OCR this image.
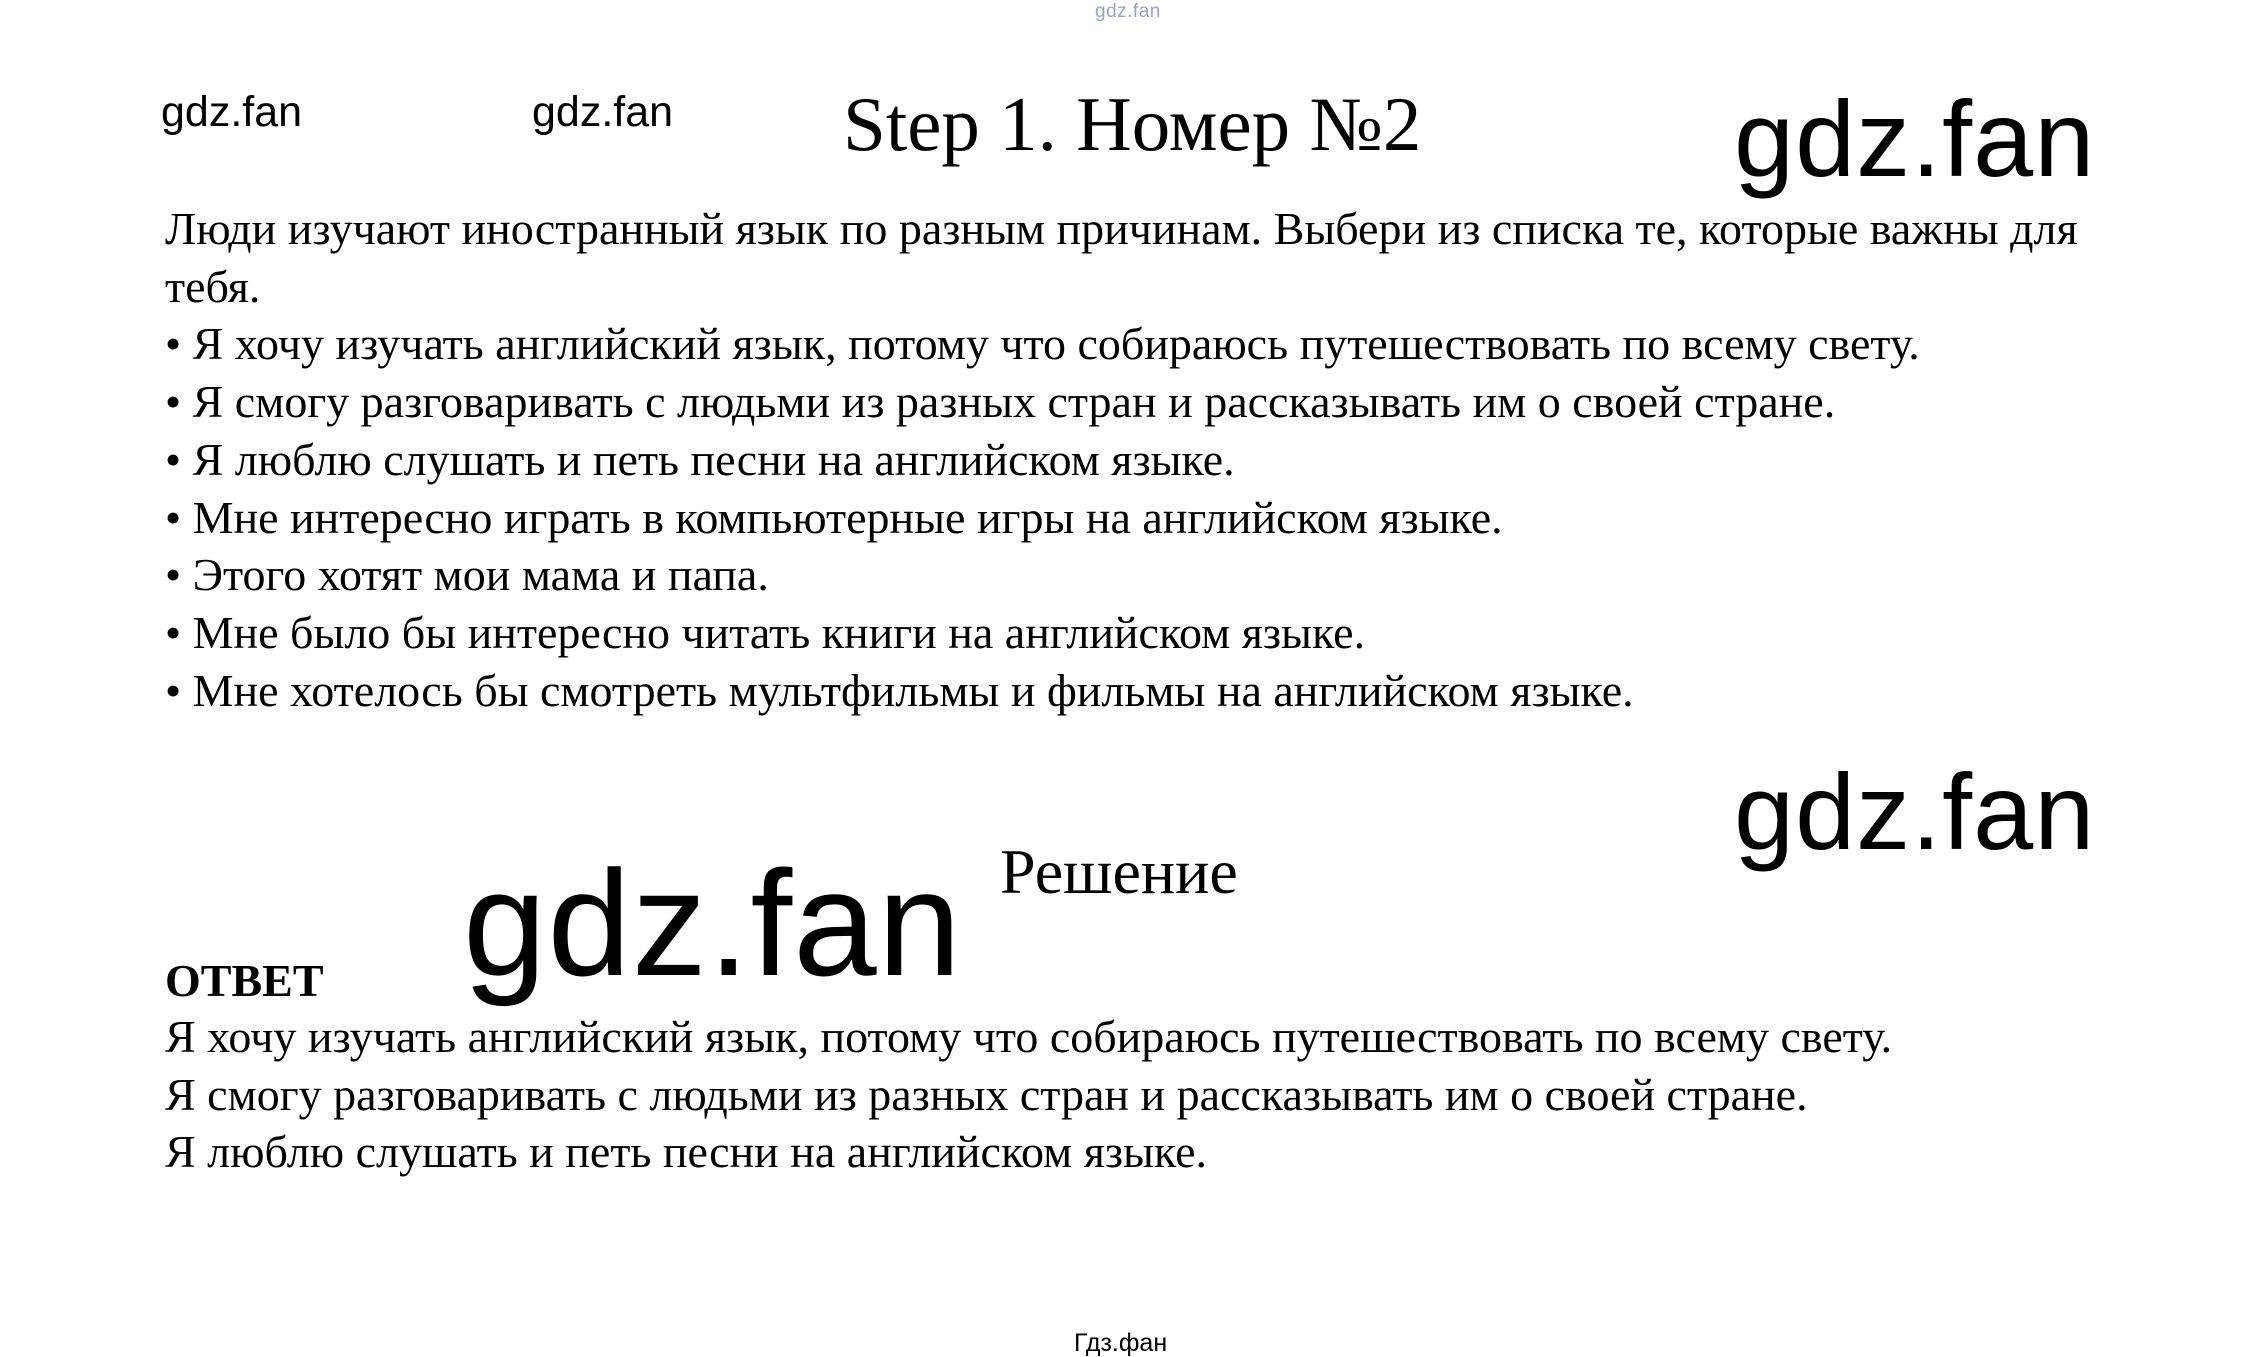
gdz.fan
gdz.fan	gdz.fan	gdz.fan
Step 1. Номер №2

Люди изучают иностранный язык по разным причинам. Выбери из списка те, которые важны для тебя.

• Я хочу изучать английский язык, потому что собираюсь путешествовать по всему свету.
• Я смогу разговаривать с людьми из разных стран и рассказывать им о своей стране.
• Я люблю слушать и петь песни на английском языке.
• Мне интересно играть в компьютерные игры на английском языке.
• Этого хотят мои мама и папа.
• Мне было бы интересно читать книги на английском языке.
• Мне хотелось бы смотреть мультфильмы и фильмы на английском языке.
gdz.fan
gdz.fan Решение
ОТВЕТ
Я хочу изучать английский язык, потому что собираюсь путешествовать по всему свету.
Я смогу разговаривать с людьми из разных стран и рассказывать им о своей стране.
Я люблю слушать и петь песни на английском языке.
Гдз.фан
